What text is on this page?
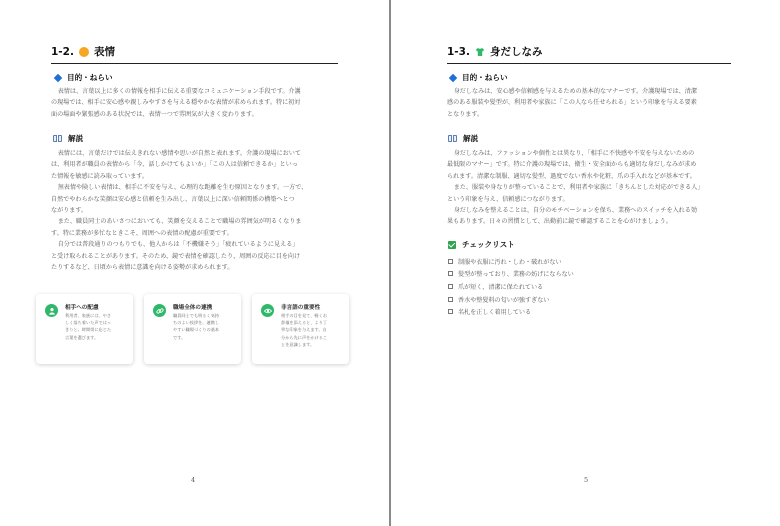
1-2. 表情
目的・ねらい

表情は、言葉以上に多くの情報を相手に伝える重要なコミュニケーション手段です。介護

の現場では、相手に安心感や親しみやすさを与える穏やかな表情が求められます。特に初対

面の場面や緊張感のある状況では、表情一つで雰囲気が大きく変わります。

解説

表情には、言葉だけでは伝えきれない感情や思いが自然と表れます。介護の現場において

は、利用者が職員の表情から「今、話しかけてもよいか」「この人は信頼できるか」といっ

た情報を敏感に読み取っています。

無表情や険しい表情は、相手に不安を与え、心理的な距離を生む原因となります。一方で、

自然でやわらかな笑顔は安心感と信頼を生み出し、言葉以上に深い信頼関係の構築へとつ

ながります。

また、職員同士のあいさつにおいても、笑顔を交えることで職場の雰囲気が明るくなりま

す。特に業務が多忙なときこそ、周囲への表情の配慮が重要です。

自分では普段通りのつもりでも、他人からは「不機嫌そう」「疲れているように見える」

と受け取られることがあります。そのため、鏡で表情を確認したり、周囲の反応に目を向け

たりするなど、日頃から表情に意識を向ける姿勢が求められます。

相手への配慮
利用者、家族には、やさ
しく落ち着いた声ではっ
きりと。時間帯に応じた
言葉を選びます。
職場全体の連携
職員同士でも明るく気持
ちのよい挨拶を。連携し
やすい職場づくりの基本
です。
非言語の重要性
相手の目を見て、軽くお
辞儀を添えると、より丁
寧な印象を与えます。自
分から先に声をかけるこ
とを意識します。
4
1-3. 身だしなみ
目的・ねらい

身だしなみは、安心感や信頼感を与えるための基本的なマナーです。介護現場では、清潔

感のある服装や髪型が、利用者や家族に「この人なら任せられる」という印象を与える要素

となります。

解説

身だしなみは、ファッションや個性とは異なり、「相手に不快感や不安を与えないための

最低限のマナー」です。特に介護の現場では、衛生・安全面からも適切な身だしなみが求め

られます。清潔な制服、適切な髪型、過度でない香水や化粧、爪の手入れなどが基本です。

また、服装や身なりが整っていることで、利用者や家族に「きちんとした対応ができる人」

という印象を与え、信頼感につながります。

身だしなみを整えることは、自分のモチベーションを保ち、業務へのスイッチを入れる効

果もあります。日々の習慣として、出勤前に鏡で確認することを心がけましょう。

チェックリスト
制服や衣服に汚れ・しわ・破れがない
髪型が整っており、業務の妨げにならない
爪が短く、清潔に保たれている
香水や整髪料の匂いが強すぎない
名札を正しく着用している
5
